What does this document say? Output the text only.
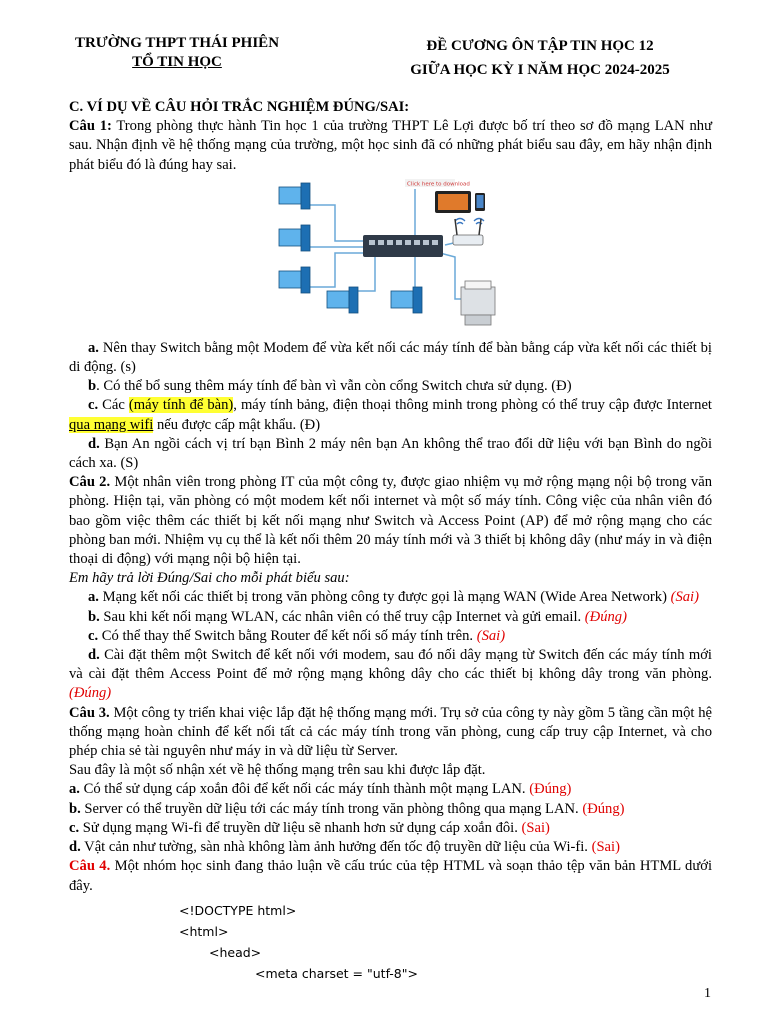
TRƯỜNG THPT THÁI PHIÊN
TỔ TIN HỌC
ĐỀ CƯƠNG ÔN TẬP TIN HỌC 12
GIỮA HỌC KỲ I NĂM HỌC 2024-2025

C. VÍ DỤ VỀ CÂU HỎI TRẮC NGHIỆM ĐÚNG/SAI:

Câu 1: Trong phòng thực hành Tin học 1 của trường THPT Lê Lợi được bố trí theo sơ đồ mạng LAN như sau. Nhận định về hệ thống mạng của trường, một học sinh đã có những phát biểu sau đây, em hãy nhận định phát biểu đó là đúng hay sai.

Click here to download

a. Nên thay Switch bằng một Modem để vừa kết nối các máy tính để bàn bằng cáp vừa kết nối các thiết bị di động. (s)

b. Có thể bổ sung thêm máy tính để bàn vì vẫn còn cổng Switch chưa sử dụng. (Đ)

c. Các (máy tính để bàn), máy tính bảng, điện thoại thông minh trong phòng có thể truy cập được Internet qua mạng wifi nếu được cấp mật khẩu. (Đ)

d. Bạn An ngồi cách vị trí bạn Bình 2 máy nên bạn An không thể trao đổi dữ liệu với bạn Bình do ngồi cách xa. (S)

Câu 2. Một nhân viên trong phòng IT của một công ty, được giao nhiệm vụ mở rộng mạng nội bộ trong văn phòng. Hiện tại, văn phòng có một modem kết nối internet và một số máy tính. Công việc của nhân viên đó bao gồm việc thêm các thiết bị kết nối mạng như Switch và Access Point (AP) để mở rộng mạng cho các phòng ban mới. Nhiệm vụ cụ thể là kết nối thêm 20 máy tính mới và 3 thiết bị không dây (như máy in và điện thoại di động) với mạng nội bộ hiện tại.

Em hãy trả lời Đúng/Sai cho mỗi phát biểu sau:

a. Mạng kết nối các thiết bị trong văn phòng công ty được gọi là mạng WAN (Wide Area Network) (Sai)

b. Sau khi kết nối mạng WLAN, các nhân viên có thể truy cập Internet và gửi email. (Đúng)

c. Có thể thay thế Switch bằng Router để kết nối số máy tính trên. (Sai)

d. Cài đặt thêm một Switch để kết nối với modem, sau đó nối dây mạng từ Switch đến các máy tính mới và cài đặt thêm Access Point để mở rộng mạng không dây cho các thiết bị không dây trong văn phòng. (Đúng)

Câu 3. Một công ty triển khai việc lắp đặt hệ thống mạng mới. Trụ sở của công ty này gồm 5 tầng cần một hệ thống mạng hoàn chỉnh để kết nối tất cả các máy tính trong văn phòng, cung cấp truy cập Internet, và cho phép chia sẻ tài nguyên như máy in và dữ liệu từ Server.

Sau đây là một số nhận xét về hệ thống mạng trên sau khi được lắp đặt.

a. Có thể sử dụng cáp xoắn đôi để kết nối các máy tính thành một mạng LAN. (Đúng)

b. Server có thể truyền dữ liệu tới các máy tính trong văn phòng thông qua mạng LAN. (Đúng)

c. Sử dụng mạng Wi-fi để truyền dữ liệu sẽ nhanh hơn sử dụng cáp xoắn đôi. (Sai)

d. Vật cản như tường, sàn nhà không làm ảnh hưởng đến tốc độ truyền dữ liệu của Wi-fi. (Sai)

Câu 4. Một nhóm học sinh đang thảo luận về cấu trúc của tệp HTML và soạn thảo tệp văn bản HTML dưới đây.

<!DOCTYPE html>
<html>
<head>
<meta charset = "utf-8">
1
